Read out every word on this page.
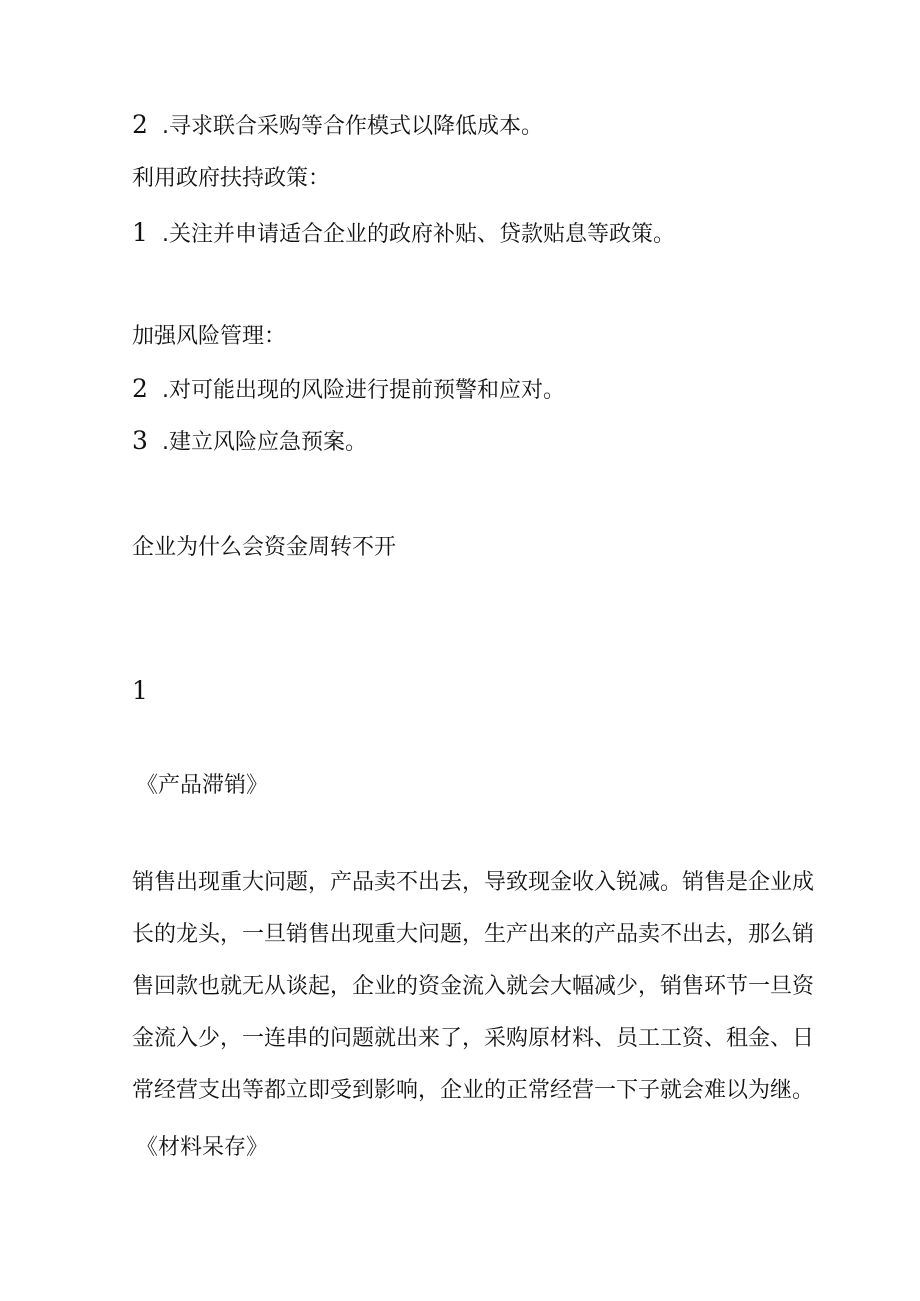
2 .寻求联合采购等合作模式以降低成本。
利用政府扶持政策：
1 .关注并申请适合企业的政府补贴、贷款贴息等政策。
加强风险管理：
2 .对可能出现的风险进行提前预警和应对。
3 .建立风险应急预案。
企业为什么会资金周转不开
1
《产品滞销》
销售出现重大问题，产品卖不出去，导致现金收入锐减。销售是企业成
长的龙头，一旦销售出现重大问题，生产出来的产品卖不出去，那么销
售回款也就无从谈起，企业的资金流入就会大幅减少，销售环节一旦资
金流入少，一连串的问题就出来了，采购原材料、员工工资、租金、日
常经营支出等都立即受到影响，企业的正常经营一下子就会难以为继。
《材料呆存》
